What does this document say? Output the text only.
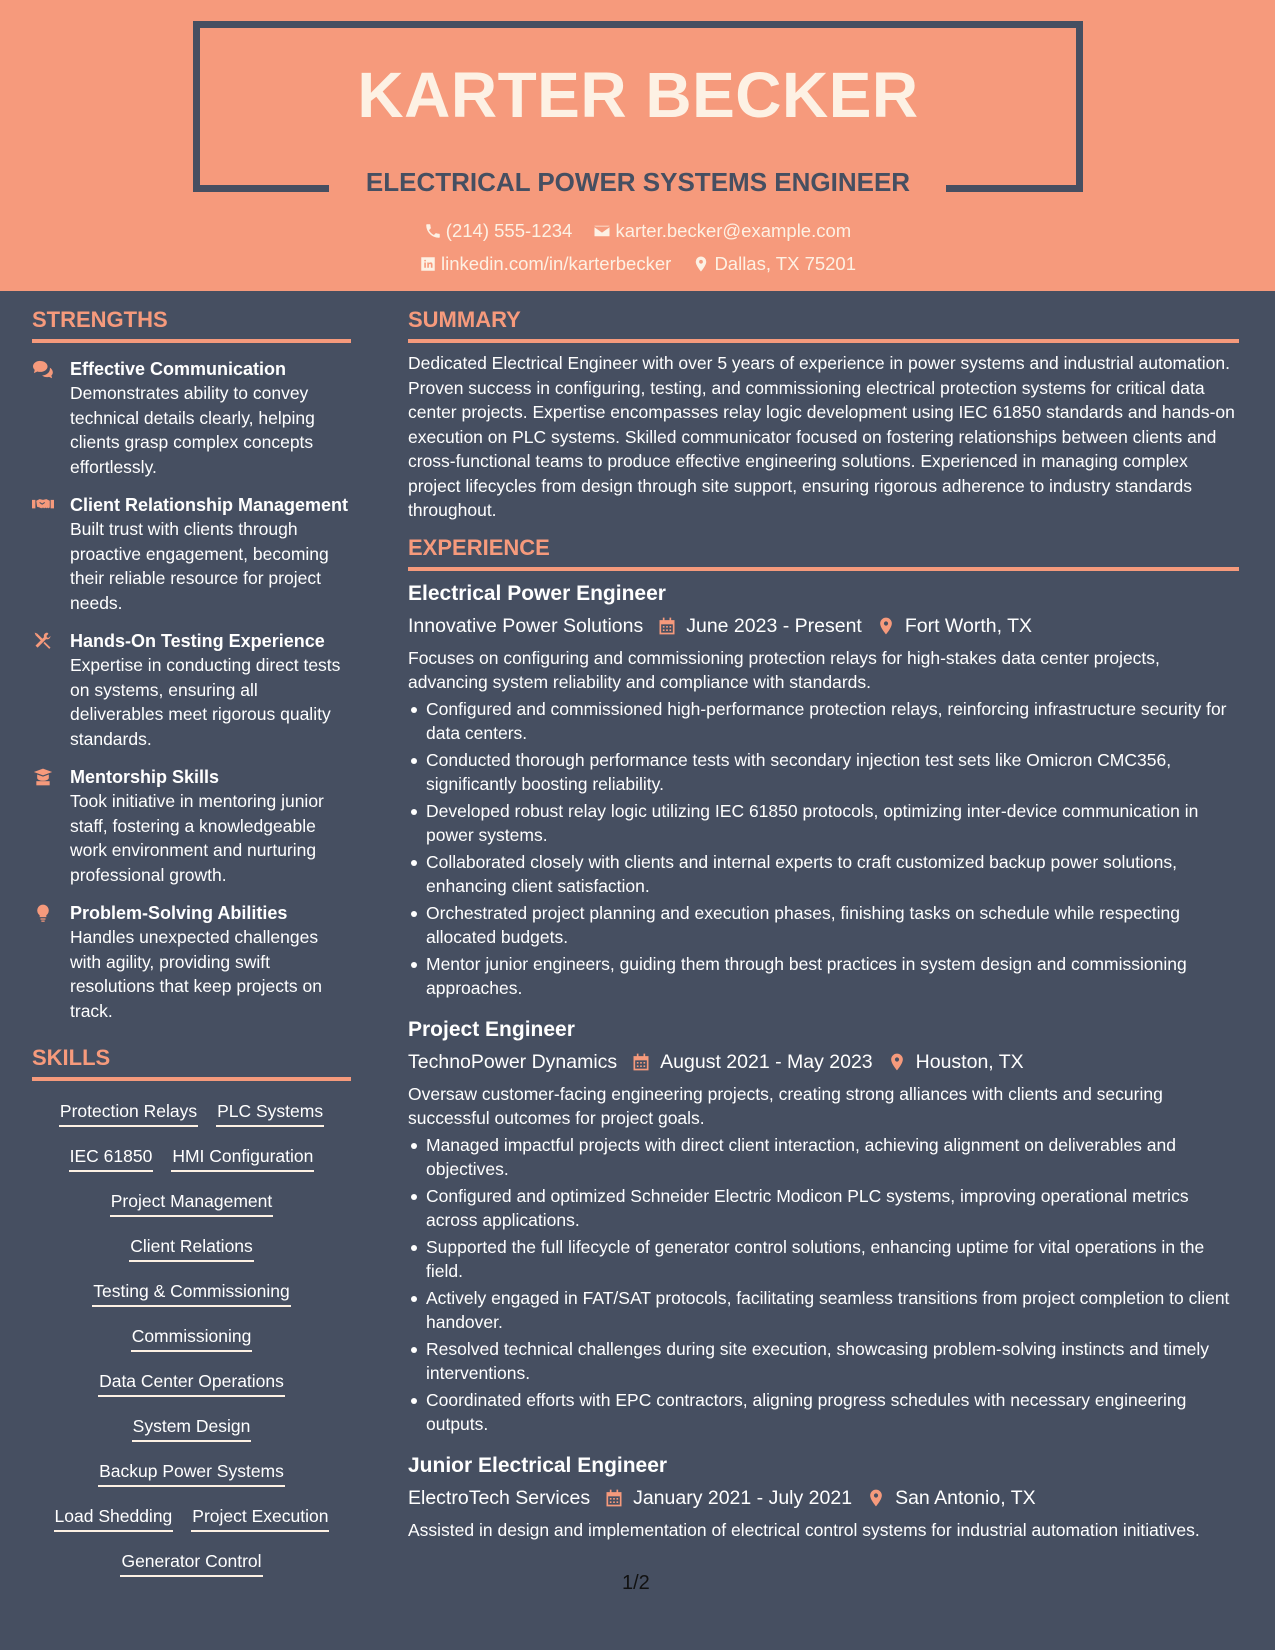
KARTER BECKER
ELECTRICAL POWER SYSTEMS ENGINEER
(214) 555-1234
karter.becker@example.com
linkedin.com/in/karterbecker
Dallas, TX 75201
STRENGTHS
Effective Communication
Demonstrates ability to convey technical details clearly, helping clients grasp complex concepts effortlessly.
Client Relationship Management
Built trust with clients through proactive engagement, becoming their reliable resource for project needs.
Hands-On Testing Experience
Expertise in conducting direct tests on systems, ensuring all deliverables meet rigorous quality standards.
Mentorship Skills
Took initiative in mentoring junior staff, fostering a knowledgeable work environment and nurturing professional growth.
Problem-Solving Abilities
Handles unexpected challenges with agility, providing swift resolutions that keep projects on track.
SKILLS
Protection Relays PLC Systems
IEC 61850 HMI Configuration
Project Management
Client Relations
Testing & Commissioning
Commissioning
Data Center Operations
System Design
Backup Power Systems
Load Shedding Project Execution
Generator Control
SUMMARY
Dedicated Electrical Engineer with over 5 years of experience in power systems and industrial automation. Proven success in configuring, testing, and commissioning electrical protection systems for critical data center projects. Expertise encompasses relay logic development using IEC 61850 standards and hands-on execution on PLC systems. Skilled communicator focused on fostering relationships between clients and cross-functional teams to produce effective engineering solutions. Experienced in managing complex project lifecycles from design through site support, ensuring rigorous adherence to industry standards throughout.
EXPERIENCE
Electrical Power Engineer
Innovative Power Solutions June 2023 - Present Fort Worth, TX
Focuses on configuring and commissioning protection relays for high-stakes data center projects, advancing system reliability and compliance with standards.
Configured and commissioned high-performance protection relays, reinforcing infrastructure security for data centers.
Conducted thorough performance tests with secondary injection test sets like Omicron CMC356, significantly boosting reliability.
Developed robust relay logic utilizing IEC 61850 protocols, optimizing inter-device communication in power systems.
Collaborated closely with clients and internal experts to craft customized backup power solutions, enhancing client satisfaction.
Orchestrated project planning and execution phases, finishing tasks on schedule while respecting allocated budgets.
Mentor junior engineers, guiding them through best practices in system design and commissioning approaches.
Project Engineer
TechnoPower Dynamics August 2021 - May 2023 Houston, TX
Oversaw customer-facing engineering projects, creating strong alliances with clients and securing successful outcomes for project goals.
Managed impactful projects with direct client interaction, achieving alignment on deliverables and objectives.
Configured and optimized Schneider Electric Modicon PLC systems, improving operational metrics across applications.
Supported the full lifecycle of generator control solutions, enhancing uptime for vital operations in the field.
Actively engaged in FAT/SAT protocols, facilitating seamless transitions from project completion to client handover.
Resolved technical challenges during site execution, showcasing problem-solving instincts and timely interventions.
Coordinated efforts with EPC contractors, aligning progress schedules with necessary engineering outputs.
Junior Electrical Engineer
ElectroTech Services January 2021 - July 2021 San Antonio, TX
Assisted in design and implementation of electrical control systems for industrial automation initiatives.
1/2
